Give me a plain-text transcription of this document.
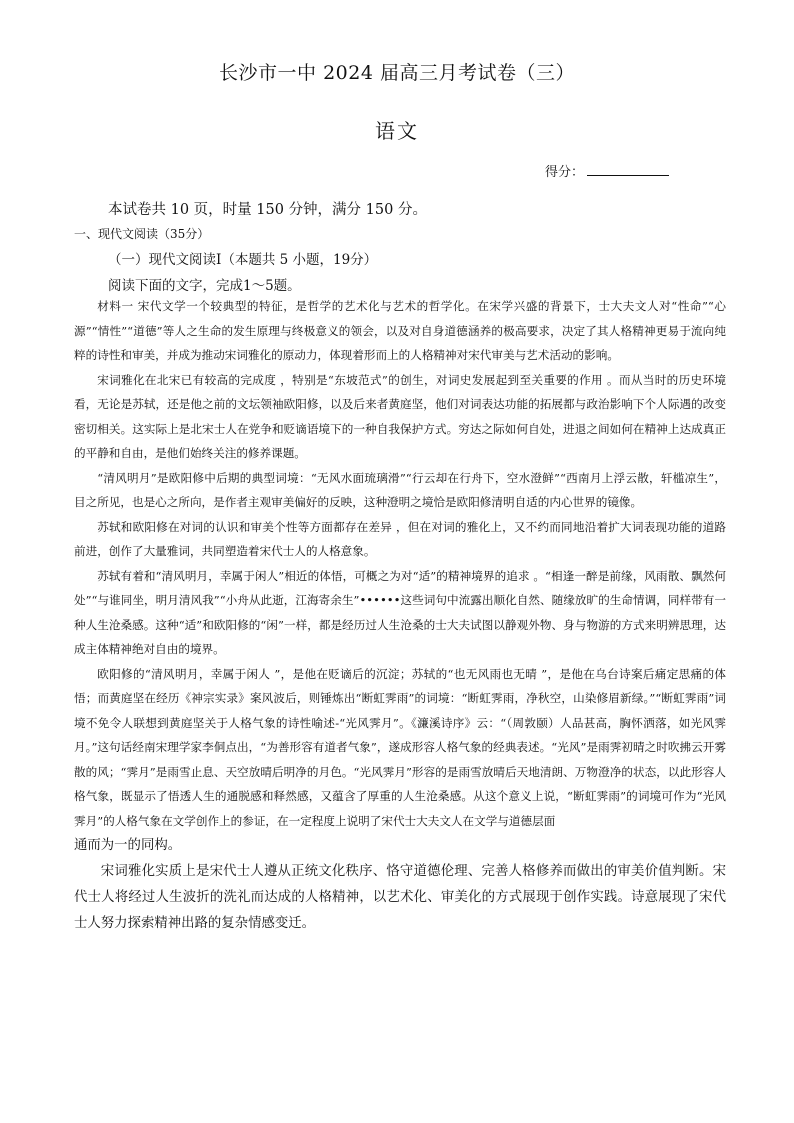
长沙市一中 2024 届高三月考试卷（三）
语文
得分：
本试卷共 10 页，时量 150 分钟，满分 150 分。
一、现代文阅读（35分）
（一）现代文阅读Ⅰ（本题共 5 小题，19分）
阅读下面的文字，完成1～5题。

材料一 宋代文学一个较典型的特征，是哲学的艺术化与艺术的哲学化。在宋学兴盛的背景下，士大夫文人对“性命”“心源”“情性”“道德”等人之生命的发生原理与终极意义的领会，以及对自身道德涵养的极高要求，决定了其人格精神更易于流向纯粹的诗性和审美，并成为推动宋词雅化的原动力，体现着形而上的人格精神对宋代审美与艺术活动的影响。

宋词雅化在北宋已有较高的完成度 ，特别是“东坡范式”的创生，对词史发展起到至关重要的作用 。而从当时的历史环境看，无论是苏轼，还是他之前的文坛领袖欧阳修，以及后来者黄庭坚，他们对词表达功能的拓展都与政治影响下个人际遇的改变密切相关。这实际上是北宋士人在党争和贬谪语境下的一种自我保护方式。穷达之际如何自处，进退之间如何在精神上达成真正的平静和自由，是他们始终关注的修养课题。

“清风明月”是欧阳修中后期的典型词境：“无风水面琉璃滑”“行云却在行舟下，空水澄鲜”“西南月上浮云散，轩槛凉生”， 目之所见，也是心之所向，是作者主观审美偏好的反映，这种澄明之境恰是欧阳修清明自适的内心世界的镜像。

苏轼和欧阳修在对词的认识和审美个性等方面都存在差异 ，但在对词的雅化上，又不约而同地沿着扩大词表现功能的道路前进，创作了大量雅词，共同塑造着宋代士人的人格意象。

苏轼有着和“清风明月，幸属于闲人”相近的体悟，可概之为对“适”的精神境界的追求 。“相逢一醉是前缘，风雨散、飘然何处”“与谁同坐，明月清风我”“小舟从此逝，江海寄余生”••••••这些词句中流露出顺化自然、随缘放旷的生命情调，同样带有一种人生沧桑感。这种“适”和欧阳修的“闲”一样，都是经历过人生沧桑的士大夫试图以静观外物、身与物游的方式来明辨思理，达成主体精神绝对自由的境界。

欧阳修的“清风明月，幸属于闲人 ”，是他在贬谪后的沉淀；苏轼的“也无风雨也无晴 ”，是他在乌台诗案后痛定思痛的体悟；而黄庭坚在经历《神宗实录》案风波后，则锤炼出“断虹霁雨”的词境：“断虹霁雨，净秋空，山染修眉新绿。”“断虹霁雨”词境不免令人联想到黄庭坚关于人格气象的诗性喻述-“光风霁月”。《濂溪诗序》云：“（周敦颐）人品甚高，胸怀洒落，如光风霁月。”这句话经南宋理学家李侗点出，“为善形容有道者气象”，遂成形容人格气象的经典表述。“光风”是雨霁初晴之时吹拂云开雾散的风；“霁月”是雨雪止息、天空放晴后明净的月色。“光风霁月”形容的是雨雪放晴后天地清朗、万物澄净的状态，以此形容人格气象，既显示了悟透人生的通脱感和释然感，又蕴含了厚重的人生沧桑感。从这个意义上说，“断虹霁雨”的词境可作为“光风霁月”的人格气象在文学创作上的参证，在一定程度上说明了宋代士大夫文人在文学与道德层面

通而为一的同构。

宋词雅化实质上是宋代士人遵从正统文化秩序、恪守道德伦理、完善人格修养而做出的审美价值判断。宋代士人将经过人生波折的洗礼而达成的人格精神，以艺术化、审美化的方式展现于创作实践。诗意展现了宋代士人努力探索精神出路的复杂情感变迁。
